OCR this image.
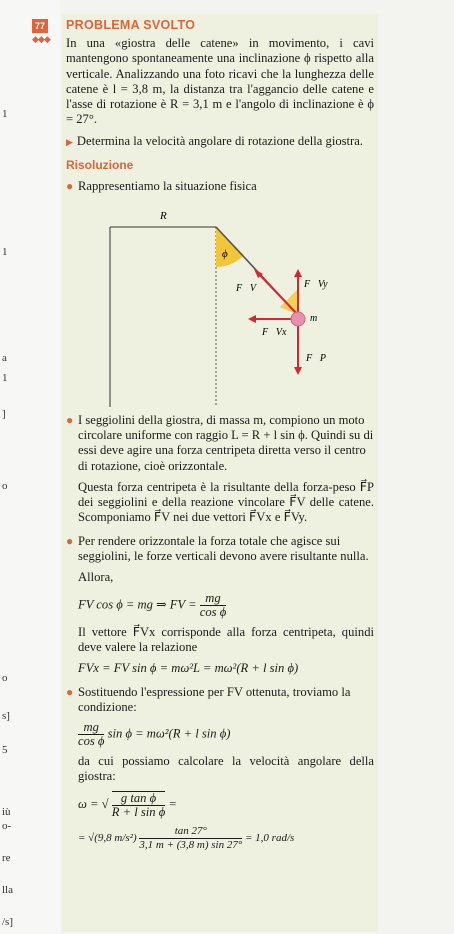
1
1
a
1
]
o
o
s]
5
iù
o-
re
lla
/s]
77
◆◆◆
PROBLEMA SVOLTO

In una «giostra delle catene» in movimento, i cavi mantengono spontaneamente una inclinazione ϕ rispetto alla verticale. Analizzando una foto ricavi che la lunghezza delle catene è l = 3,8 m, la distanza tra l'aggancio delle catene e l'asse di rotazione è R = 3,1 m e l'angolo di inclinazione è ϕ = 27°.

▶ Determina la velocità angolare di rotazione della giostra.

Risoluzione
● Rappresentiamo la situazione fisica
R
ϕ
F⃗V	F⃗Vy
F⃗Vx
m
F⃗P
● I seggiolini della giostra, di massa m, compiono un moto circolare uniforme con raggio L = R + l sin ϕ. Quindi su di essi deve agire una forza centripeta diretta verso il centro di rotazione, cioè orizzontale.

Questa forza centripeta è la risultante della forza-peso F⃗P dei seggiolini e della reazione vincolare F⃗V delle catene. Scomponiamo F⃗V nei due vettori F⃗Vx e F⃗Vy.

● Per rendere orizzontale la forza totale che agisce sui seggiolini, le forze verticali devono avere risultante nulla.

Allora,

FV cos ϕ = mg ⇒ FV = $\frac{mg}{\text{cos ϕ}}$

Il vettore F⃗Vx corrisponde alla forza centripeta, quindi deve valere la relazione

FVx = FV sin ϕ = mω²L = mω²(R + l sin ϕ)
● Sostituendo l'espressione per FV ottenuta, troviamo la condizione:
$\frac{mg}{\text{cos ϕ}}$ sin ϕ = mω²(R + l sin ϕ)

da cui possiamo calcolare la velocità angolare della giostra:

ω = √ $\frac{\text{g tan ϕ}}{\text{R + l sin ϕ}}$ =
= √(9,8 $m/s^2) \frac{\tan 27^\circ}{3,1 m + (3,8 m) \sin 27^\circ} = 1,0$ rad/s
